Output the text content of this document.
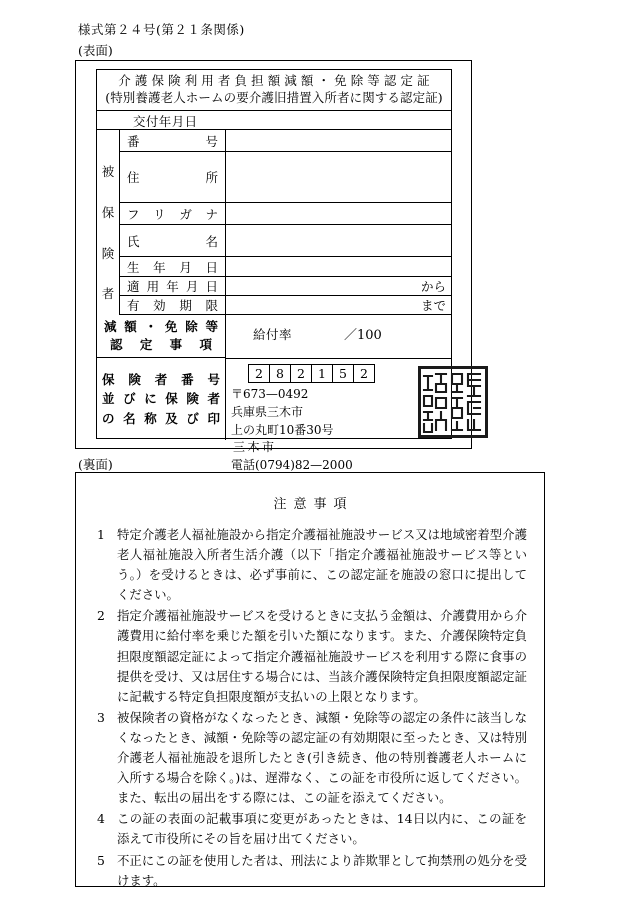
様式第２４号(第２１条関係)
(表面)
(裏面)
介護保険利用者負担額減額・免除等認定証
(特別養護老人ホームの要介護旧措置入所者に関する認定証)
交付年月日
被
保
険
者
番	号
住	所
フ リ ガ ナ
氏	名
生 年 月 日
適 用 年 月 日	から
有 効 期 限	まで
減 額 ・ 免 除 等
認 定 事 項
給付率	／100
保 険 者 番 号
並 び に 保 険 者
の 名 称 及 び 印
2	8	2	1	5	2
〒673—0492
兵庫県三木市
上の丸町10番30号
三木市
電話(0794)82—2000
注意事項
1 特定介護老人福祉施設から指定介護福祉施設サービス又は地域密着型介護老人福祉施設入所者生活介護（以下「指定介護福祉施設サービス等という。）を受けるときは、必ず事前に、この認定証を施設の窓口に提出してください。
2 指定介護福祉施設サービスを受けるときに支払う金額は、介護費用から介護費用に給付率を乗じた額を引いた額になります。また、介護保険特定負担限度額認定証によって指定介護福祉施設サービスを利用する際に食事の提供を受け、又は居住する場合には、当該介護保険特定負担限度額認定証に記載する特定負担限度額が支払いの上限となります。
3 被保険者の資格がなくなったとき、減額・免除等の認定の条件に該当しなくなったとき、減額・免除等の認定証の有効期限に至ったとき、又は特別介護老人福祉施設を退所したとき(引き続き、他の特別養護老人ホームに入所する場合を除く。)は、遅滞なく、この証を市役所に返してください。また、転出の届出をする際には、この証を添えてください。
4 この証の表面の記載事項に変更があったときは、14日以内に、この証を添えて市役所にその旨を届け出てください。
5 不正にこの証を使用した者は、刑法により詐欺罪として拘禁刑の処分を受けます。
